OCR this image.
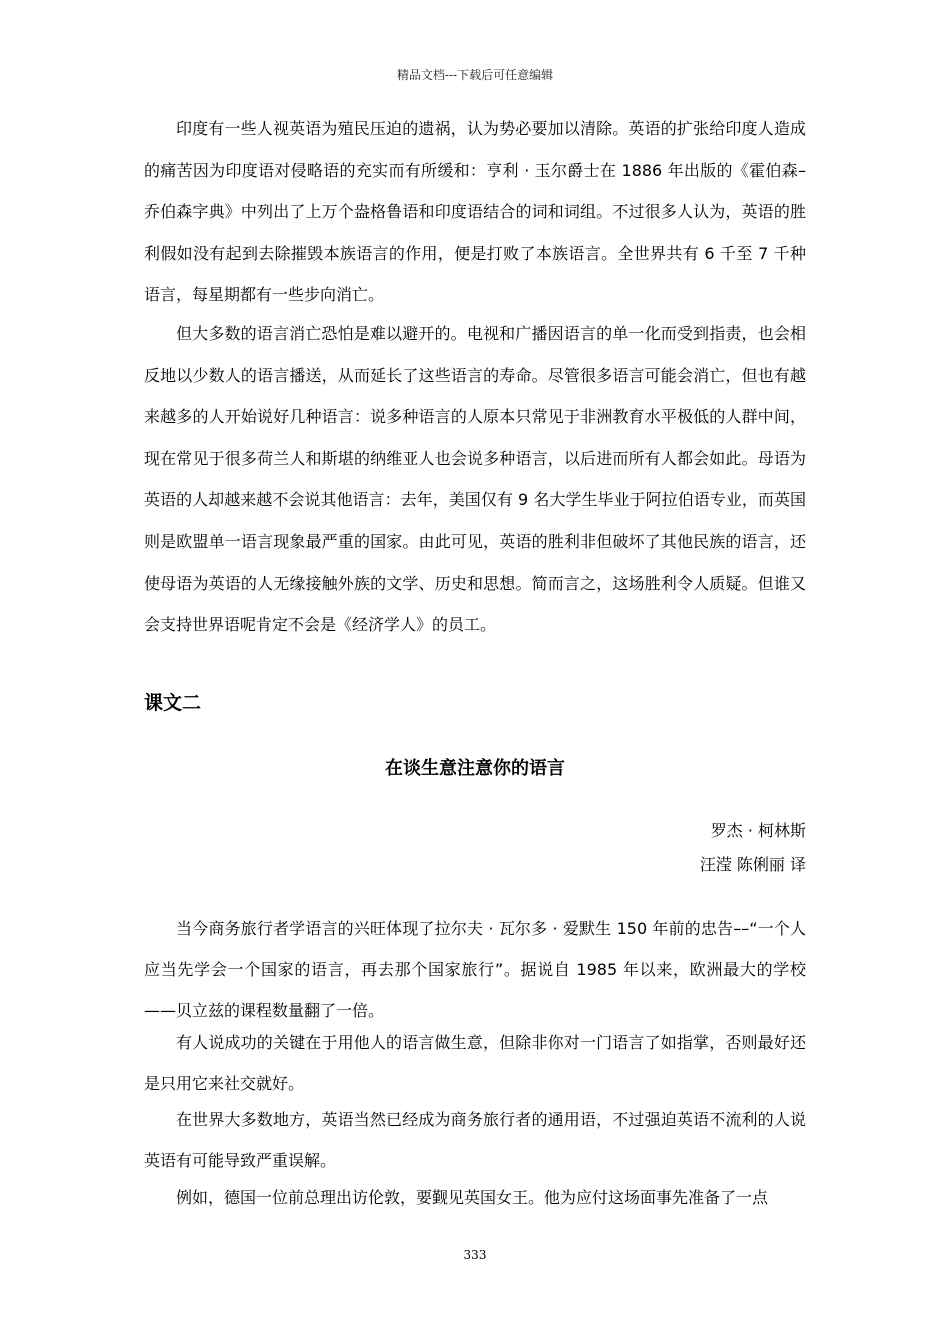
精品文档---下载后可任意编辑

印度有一些人视英语为殖民压迫的遗祸，认为势必要加以清除。英语的扩张给印度人造成的痛苦因为印度语对侵略语的充实而有所缓和：亨利 · 玉尔爵士在 1886 年出版的《霍伯森–乔伯森字典》中列出了上万个盎格鲁语和印度语结合的词和词组。不过很多人认为，英语的胜利假如没有起到去除摧毁本族语言的作用，便是打败了本族语言。全世界共有 6 千至 7 千种语言，每星期都有一些步向消亡。

但大多数的语言消亡恐怕是难以避开的。电视和广播因语言的单一化而受到指责，也会相反地以少数人的语言播送，从而延长了这些语言的寿命。尽管很多语言可能会消亡，但也有越来越多的人开始说好几种语言：说多种语言的人原本只常见于非洲教育水平极低的人群中间，现在常见于很多荷兰人和斯堪的纳维亚人也会说多种语言，以后进而所有人都会如此。母语为英语的人却越来越不会说其他语言：去年，美国仅有 9 名大学生毕业于阿拉伯语专业，而英国则是欧盟单一语言现象最严重的国家。由此可见，英语的胜利非但破坏了其他民族的语言，还使母语为英语的人无缘接触外族的文学、历史和思想。简而言之，这场胜利令人质疑。但谁又会支持世界语呢肯定不会是《经济学人》的员工。

课文二
在谈生意注意你的语言
罗杰 · 柯林斯
汪滢 陈俐丽 译

当今商务旅行者学语言的兴旺体现了拉尔夫 · 瓦尔多 · 爱默生 150 年前的忠告––“一个人应当先学会一个国家的语言，再去那个国家旅行”。据说自 1985 年以来，欧洲最大的学校——贝立兹的课程数量翻了一倍。

有人说成功的关键在于用他人的语言做生意，但除非你对一门语言了如指掌，否则最好还是只用它来社交就好。

在世界大多数地方，英语当然已经成为商务旅行者的通用语，不过强迫英语不流利的人说英语有可能导致严重误解。

例如，德国一位前总理出访伦敦，要觐见英国女王。他为应付这场面事先准备了一点

333
